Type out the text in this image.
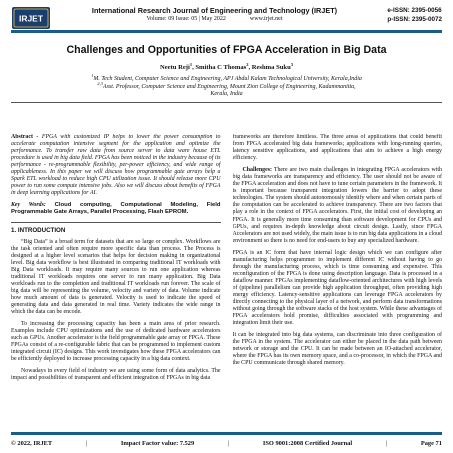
IRJET
International Research Journal of Engineering and Technology (IRJET)
Volume: 09 Issue: 05 | May 2022	www.irjet.net
e-ISSN: 2395-0056
p-ISSN: 2395-0072
Challenges and Opportunities of FPGA Acceleration in Big Data
Neetu Reji$^1$, Smitha C Thomas$^2$, Reshma Suku$^3$
$^1$M. Tech Student, Computer Science and Engineering, APJ Abdul Kalam Technological University, Kerala,India
$^{2,3}$Asst. Professor, Computer Science and Engineering, Mount Zion College of Engineering, Kadammanitta,
Kerala, India

Abstract - FPGA with customized IP helps to lower the power consumption to accelerate computation intensive segment for the application and optimize the performance. To transfer raw data from source server to data ware house ETL procedure is used in big data field. FPGA has been noticed in the industry because of its performance - re-programmable flexibility, per-power efficiency, and wide range of applicableness. In this paper we will discuss how programmable gate arrays help a Spark ETL workload to reduce high CPU utilization issue. It should release more CPU power to run some compute intensive jobs. Also we will discuss about benefits of FPGA in deep learning applications for AI.

Key Words: Cloud computing, Computational Modeling, Field Programmable Gate Arrays, Parallel Processing, Flash EPROM.

1. INTRODUCTION

“Big Data” is a broad term for datasets that are so large or complex. Workflows are the task oriented and often require more specific data than process. The Process is designed at a higher level scenarios that helps for decision making in organizational level. Big data workflow is best illustrated in comparing traditional IT workloads with Big Data workloads. It may require many sources to run one application whereas traditional IT workloads requires one server to run many application. Big Data workloads run to the completion and traditional IT workloads run forever. The scale of big data will be representing the volume, velocity and variety of data. Volume indicate how much amount of data is generated. Velocity is used to indicate the speed of generating data and data generated in real time. Variety indicates the wide range in which the data can be encode.

To increasing the processing capacity has been a main area of prior research. Examples include CPU optimizations and the use of dedicated hardware accelerators such as GPUs. Another accelerator is the field programmable gate array or FPGA. These FPGAs consist of a re-configurable fabric that can be programmed to implement custom integrated circuit (IC) designs. This work investigates how these FPGA accelerators can be efficiently deployed to increase processing capacity in a big data context.

Nowadays in every field of industry we are using some form of data analytics. The impact and possibilities of transparent and efficient integration of FPGAs in big data

frameworks are therefore limitless. The three areas of applications that could benefit from FPGA accelerated big data frameworks; applications with long-running queries, latency sensitive applications, and applications that aim to achieve a high energy efficiency.

Challenges: There are two main challenges in integrating FPGA accelerators with big data frameworks are transparency and efficiency. The user should not be aware of the FPGA acceleration and does not have to tune certain parameters in the framework. It is important because transparent integration lowers the barrier to adopt these technologies. The system should autonomously identify where and when certain parts of the computation can be accelerated to achieve transparency. There are two factors that play a role in the context of FPGA accelerators. First, the initial cost of developing an FPGA. It is generally more time consuming than software development for CPUs and GPUs, and requires in-depth knowledge about circuit design. Lastly, since FPGA Accelerators are not used widely, the main issue is to run big data applications in a cloud environment so there is no need for end-users to buy any specialized hardware.

FPGA is an IC form that have internal logic design which we can configure after manufacturing helps programmer to implement different IC without having to go through the manufacturing process, which is time consuming and expensive. This reconfiguration of the FPGA is done using description language. Data is processed in a dataflow manner. FPGAs implementing dataflow-oriented architectures with high levels of (pipeline) parallelism can provide high application throughput, often providing high energy efficiency. Latency-sensitive applications can leverage FPGA accelerators by directly connecting to the physical layer of a network, and perform data transformations without going through the software stacks of the host system. While these advantages of FPGA accelerators hold promise, difficulties associated with programming and integration limit their use.

It can be integrated into big data systems, can discriminate into three configuration of the FPGA in the system. The accelerator can either be placed in the data path between network or storage and the CPU. It can be made between an IO-attached accelerator, where the FPGA has its own memory space, and a co-processor, in which the FPGA and the CPU communicate through shared memory.

© 2022, IRJET	|	Impact Factor value: 7.529	|	ISO 9001:2008 Certified Journal	|	Page 71
